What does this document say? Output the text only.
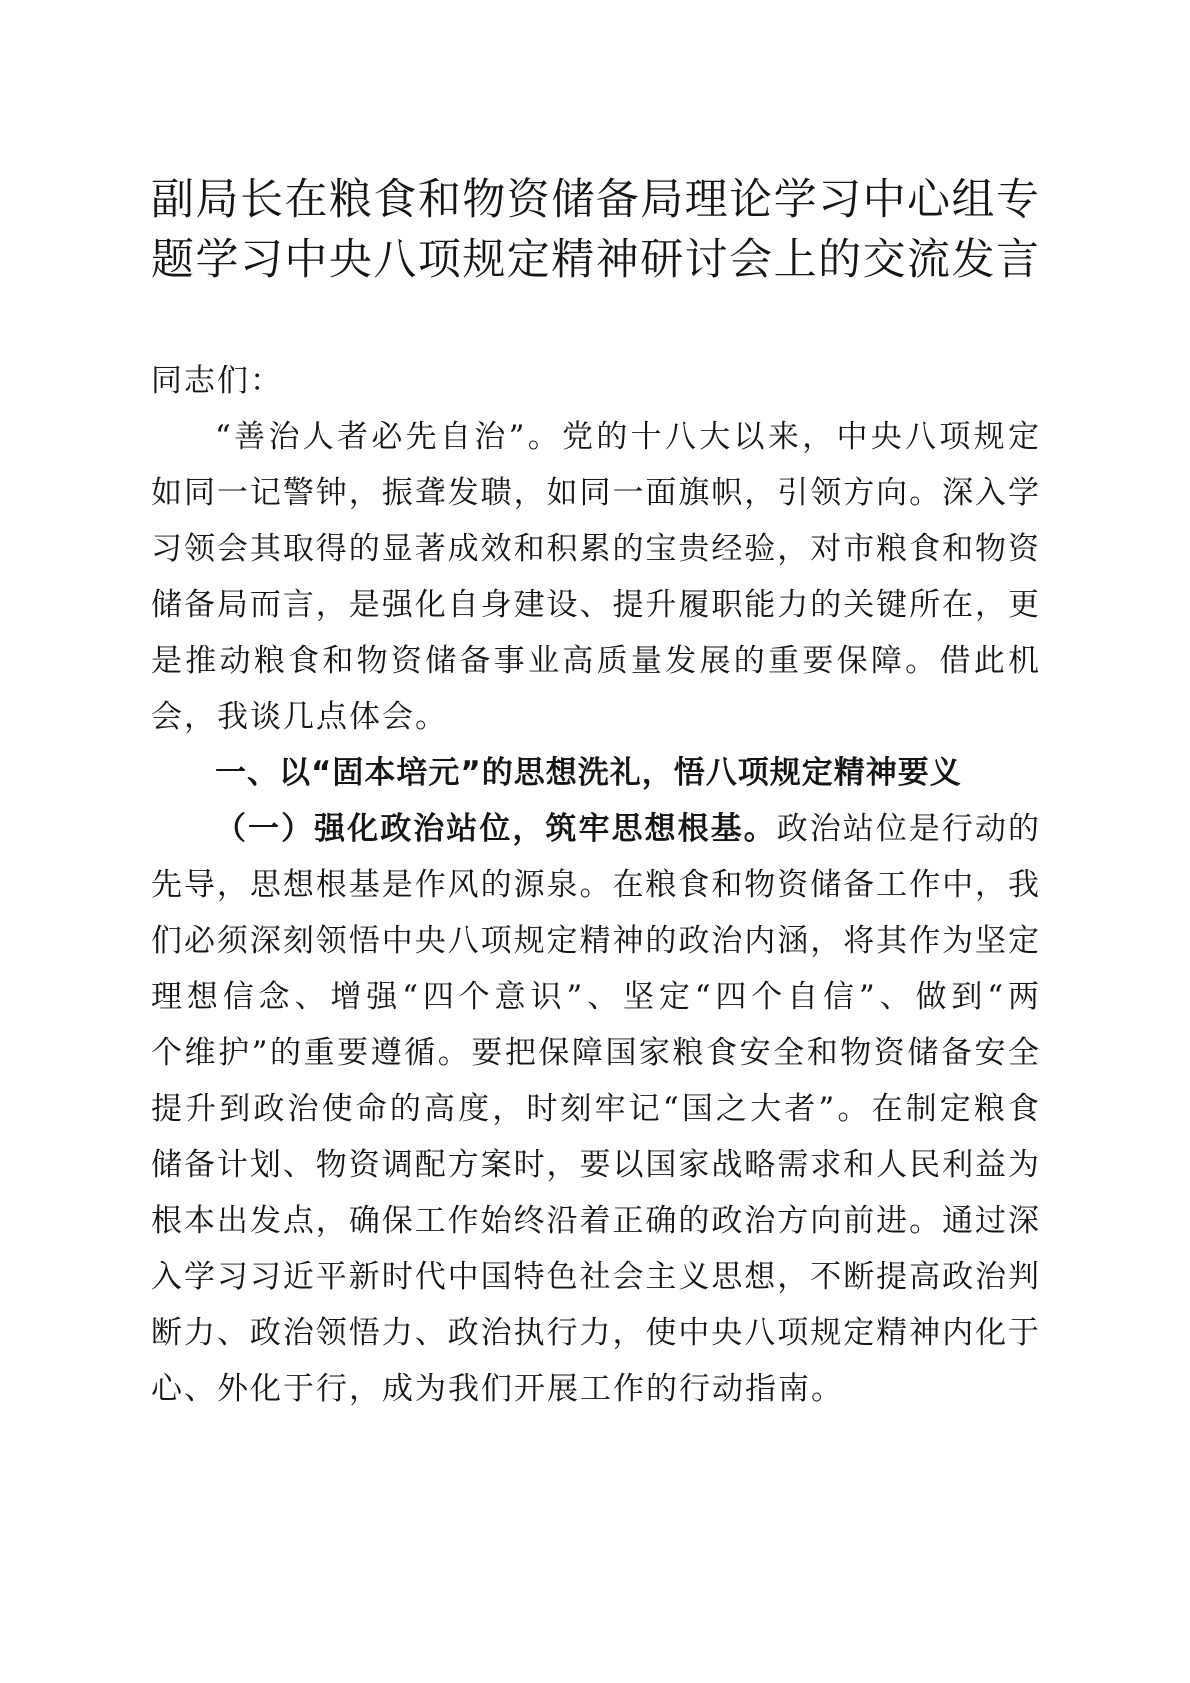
副局长在粮食和物资储备局理论学习中心组专
题学习中央八项规定精神研讨会上的交流发言
同志们：
“善治人者必先自治”。党的十八大以来，中央八项规定
如同一记警钟，振聋发聩，如同一面旗帜，引领方向。深入学
习领会其取得的显著成效和积累的宝贵经验，对市粮食和物资
储备局而言，是强化自身建设、提升履职能力的关键所在，更
是推动粮食和物资储备事业高质量发展的重要保障。借此机
会，我谈几点体会。
一、以“固本培元”的思想洗礼，悟八项规定精神要义
（一）强化政治站位，筑牢思想根基。政治站位是行动的
先导，思想根基是作风的源泉。在粮食和物资储备工作中，我
们必须深刻领悟中央八项规定精神的政治内涵，将其作为坚定
理想信念、增强“四个意识”、坚定“四个自信”、做到“两
个维护”的重要遵循。要把保障国家粮食安全和物资储备安全
提升到政治使命的高度，时刻牢记“国之大者”。在制定粮食
储备计划、物资调配方案时，要以国家战略需求和人民利益为
根本出发点，确保工作始终沿着正确的政治方向前进。通过深
入学习习近平新时代中国特色社会主义思想，不断提高政治判
断力、政治领悟力、政治执行力，使中央八项规定精神内化于
心、外化于行，成为我们开展工作的行动指南。
